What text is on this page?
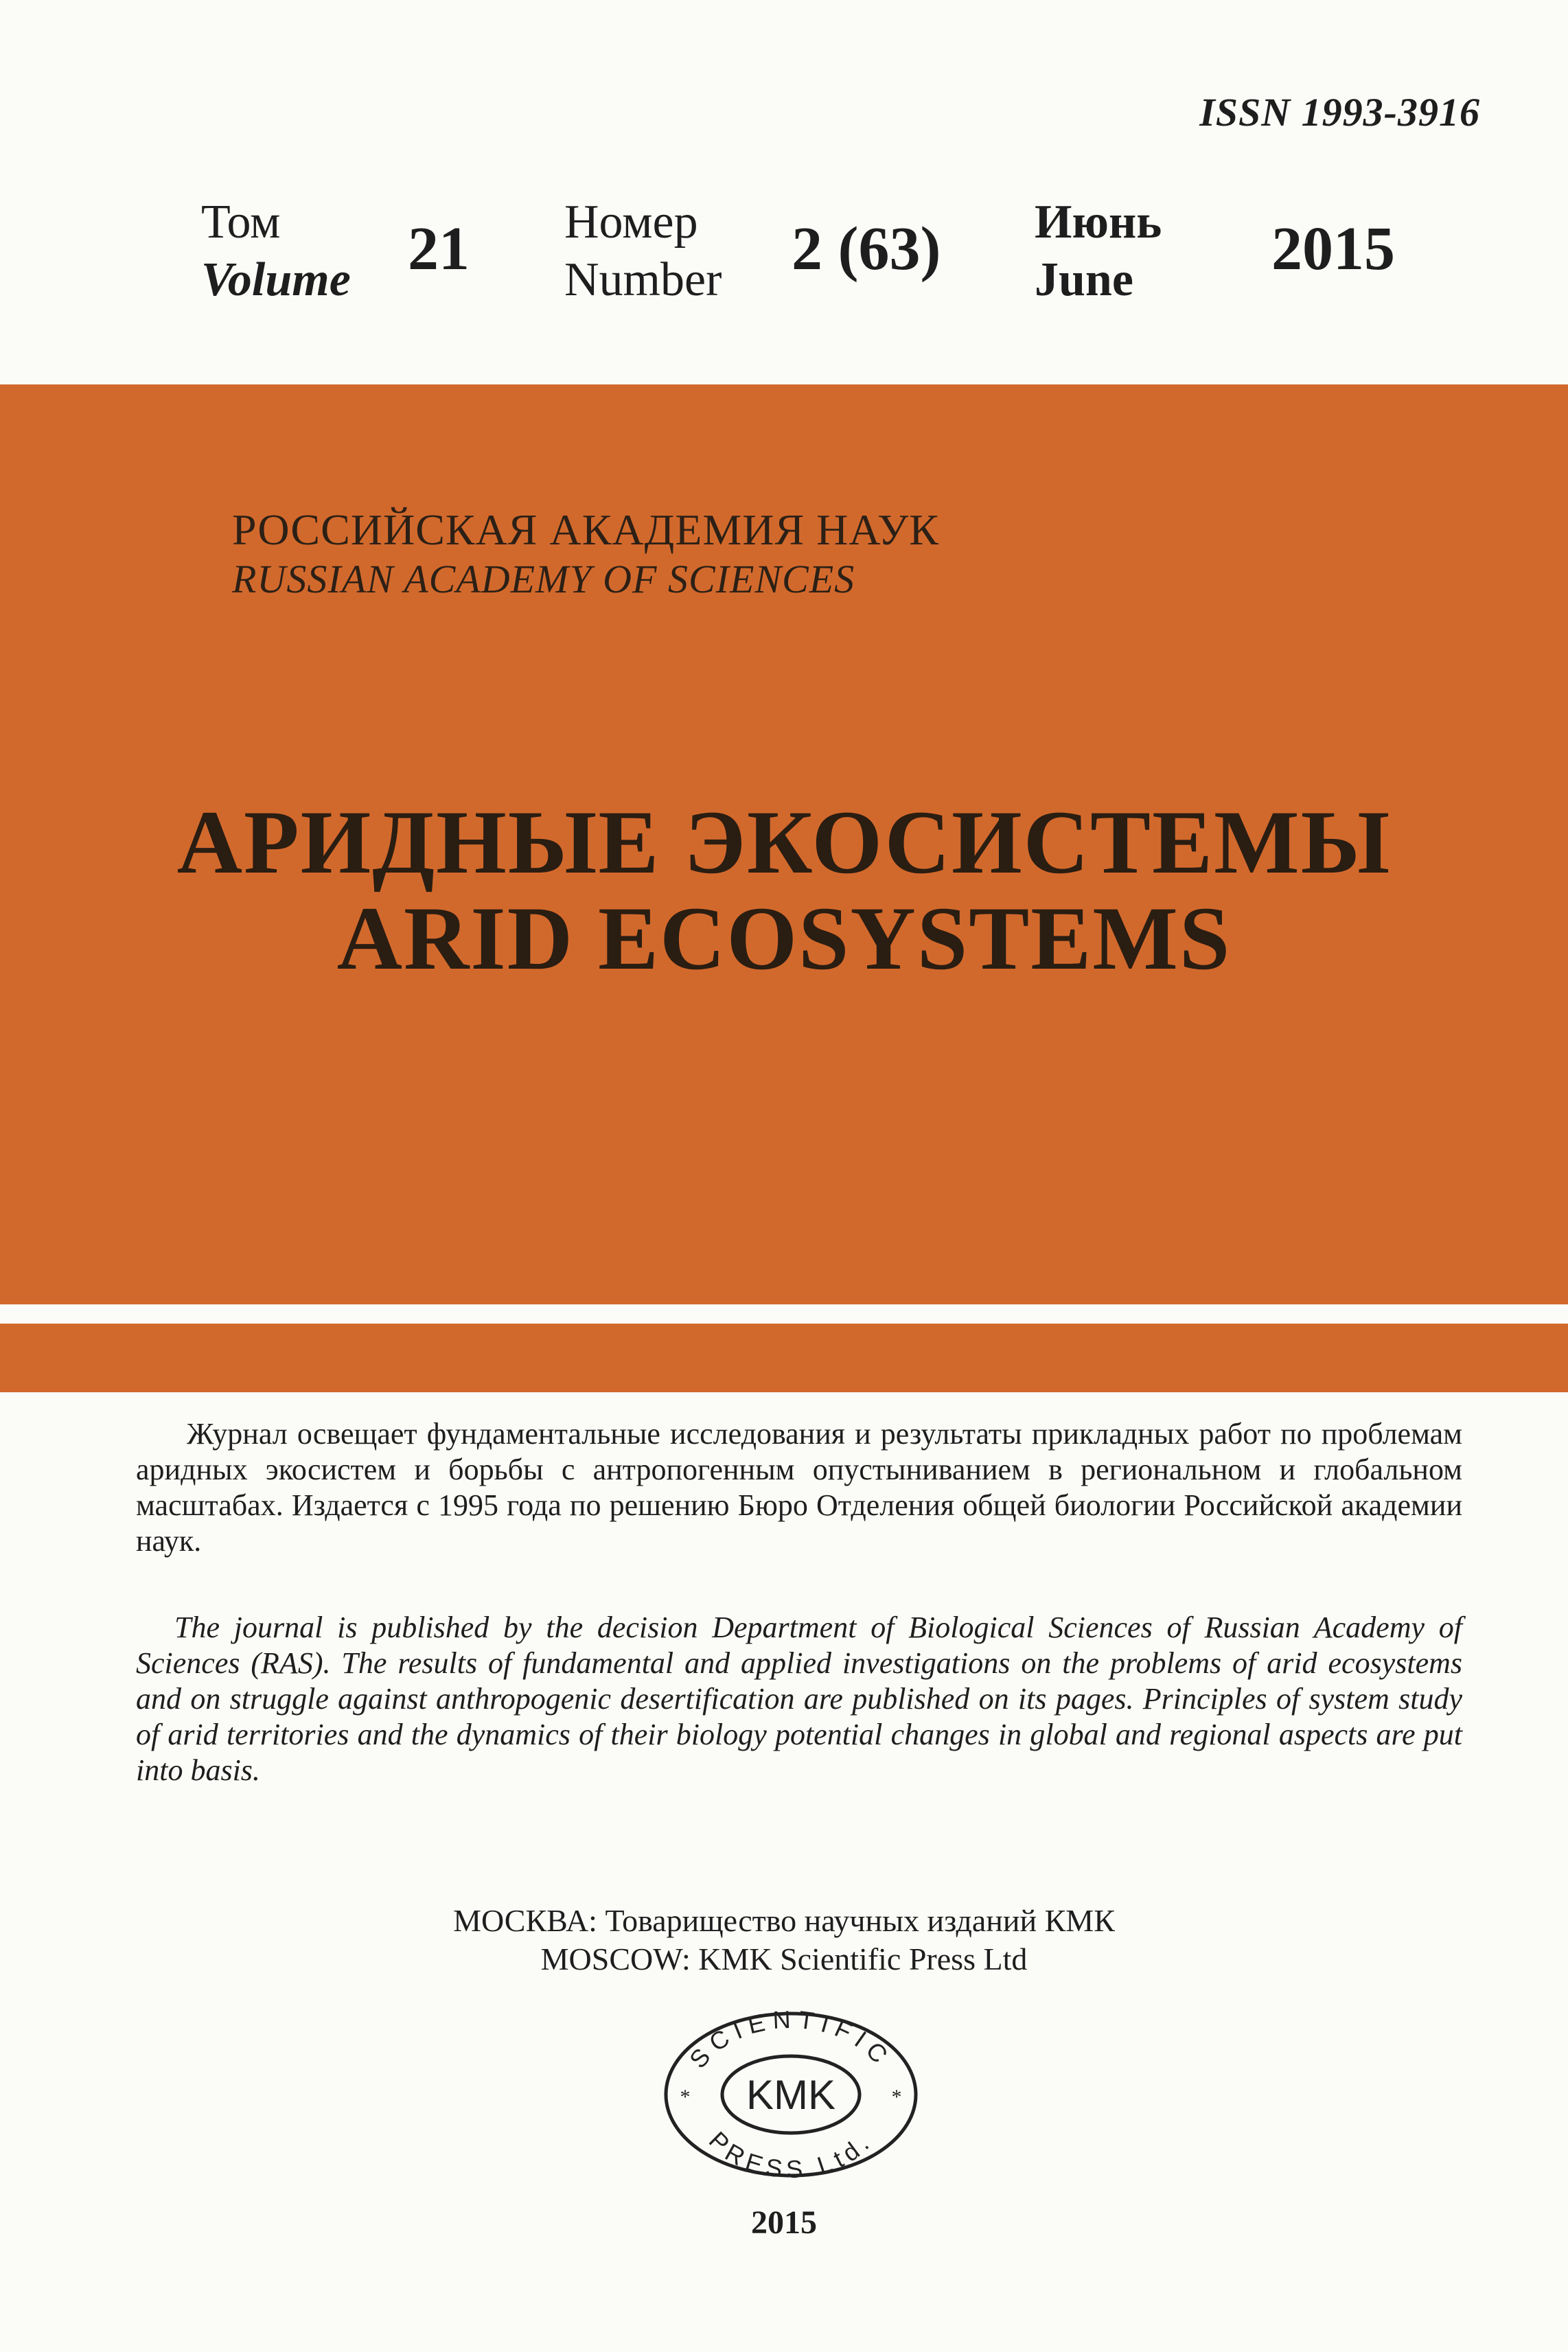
ISSN 1993-3916
Том
Volume 21 Номер
Number 2 (63) Июнь
June	2015
РОССИЙСКАЯ АКАДЕМИЯ НАУК
RUSSIAN ACADEMY OF SCIENCES
АРИДНЫЕ ЭКОСИСТЕМЫ
ARID ECOSYSTEMS
Журнал освещает фундаментальные исследования и результаты прикладных работ по проблемам аридных экосистем и борьбы с антропогенным опустыниванием в региональном и глобальном масштабах. Издается с 1995 года по решению Бюро Отделения общей биологии Российской академии наук.
The journal is published by the decision Department of Biological Sciences of Russian Academy of Sciences (RAS). The results of fundamental and applied investigations on the problems of arid ecosystems and on struggle against anthropogenic desertification are published on its pages. Principles of system study of arid territories and the dynamics of their biology potential changes in global and regional aspects are put into basis.
МОСКВА: Товарищество научных изданий КМК
MOSCOW: KMK Scientific Press Ltd
SCIENTIFIC
PRESS Ltd.
KMK
*	*
2015
